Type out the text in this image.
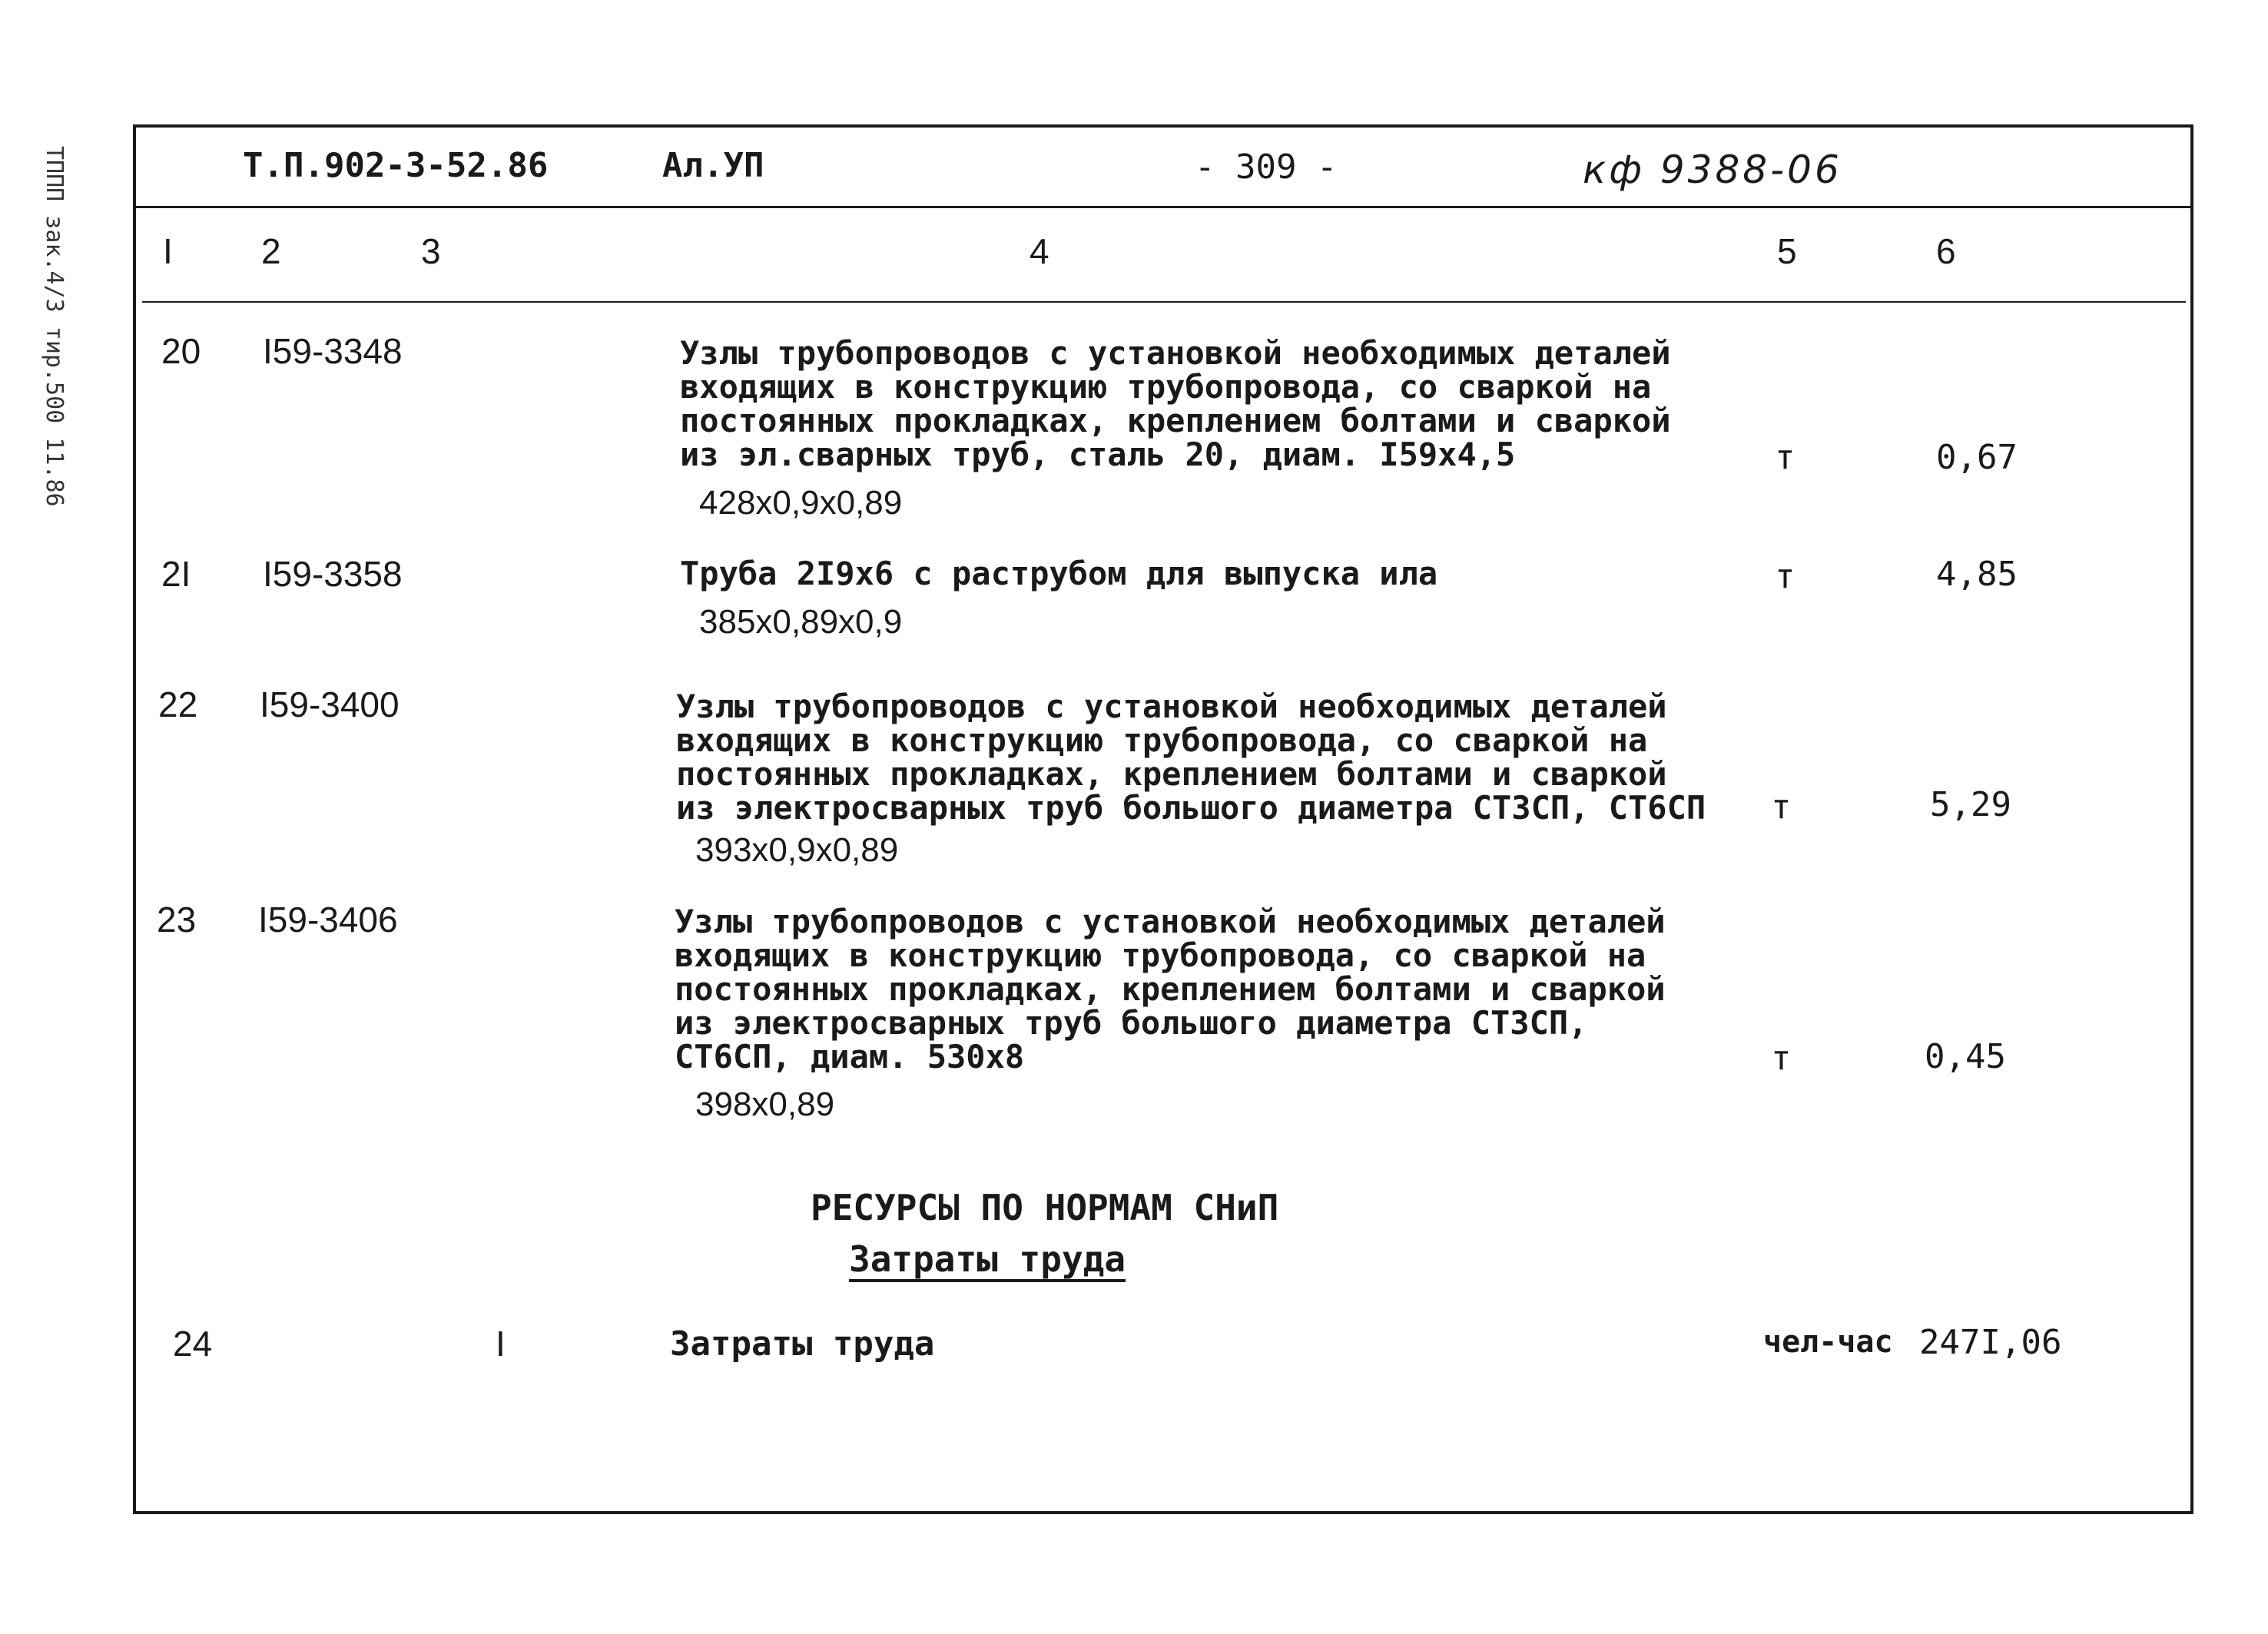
ТППП зак.4/3 тир.500 11.86	Т.П.902-3-52.86	Ал.УП	- 309 -	кф 9388-06
I	2	3	4	5	6
20 I59-3348	Узлы трубопроводов с установкой необходимых деталей
входящих в конструкцию трубопровода, со сваркой на
постоянных прокладках, креплением болтами и сваркой
из эл.сварных труб, сталь 20, диам. I59x4,5
428x0,9x0,89
т	0,67
2I I59-3358	Труба 2I9x6 с раструбом для выпуска ила
385x0,89x0,9
т	4,85
22 I59-3400	Узлы трубопроводов с установкой необходимых деталей
входящих в конструкцию трубопровода, со сваркой на
постоянных прокладках, креплением болтами и сваркой
из электросварных труб большого диаметра СТЗСП, СТ6СП
393x0,9x0,89
т	5,29
23 I59-3406	Узлы трубопроводов с установкой необходимых деталей
входящих в конструкцию трубопровода, со сваркой на
постоянных прокладках, креплением болтами и сваркой
из электросварных труб большого диаметра СТЗСП,
СТ6СП, диам. 530x8
398x0,89
т	0,45
РЕСУРСЫ ПО НОРМАМ СНиП
Затраты труда
24	I	Затраты труда	чел-час 247I,06
